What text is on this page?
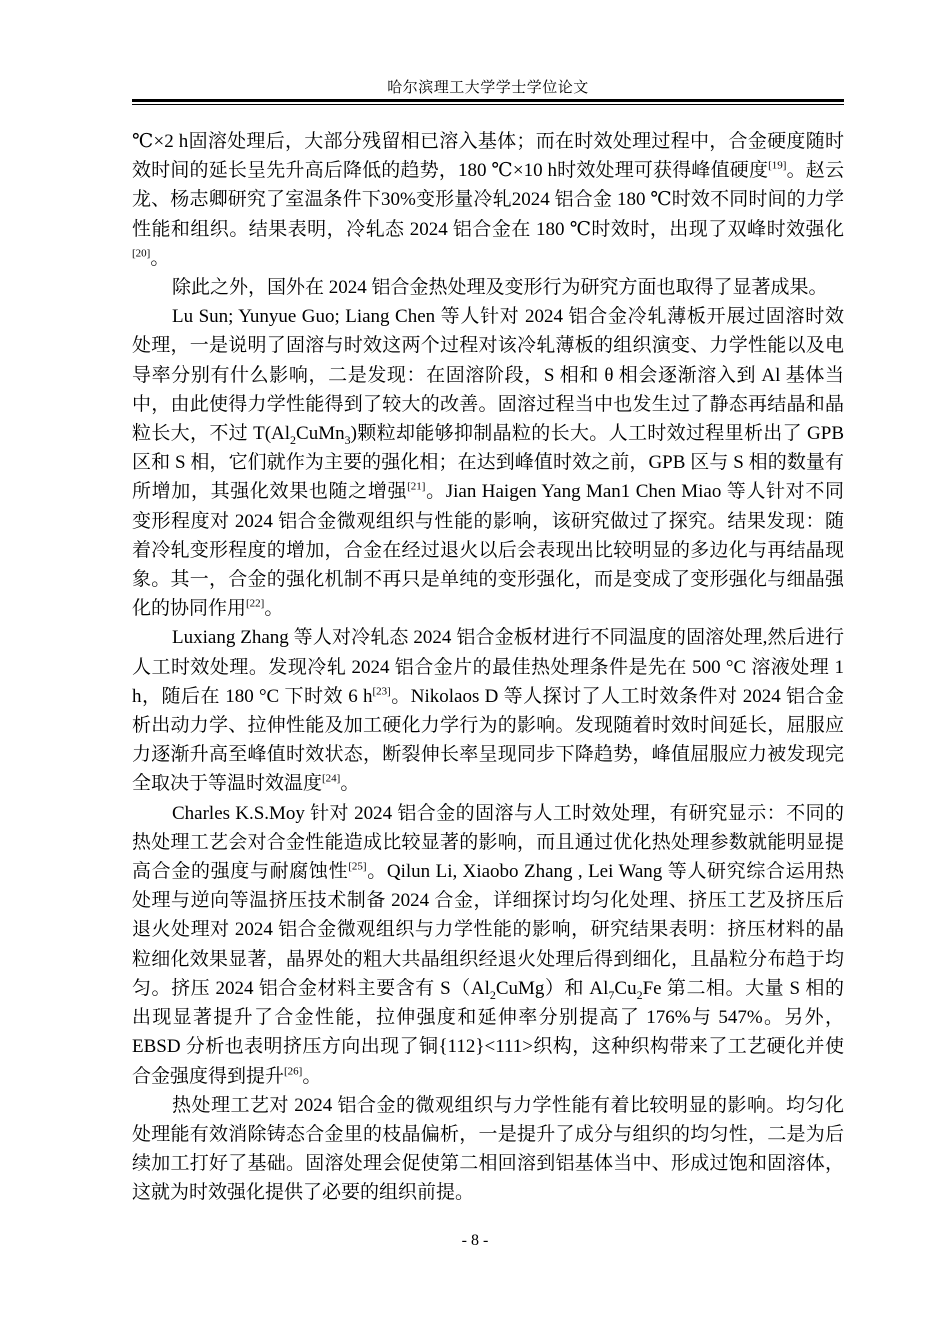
哈尔滨理工大学学士学位论文

℃×2 h固溶处理后，大部分残留相已溶入基体；而在时效处理过程中，合金硬度随时效时间的延长呈先升高后降低的趋势，180 ℃×10 h时效处理可获得峰值硬度[19]。赵云龙、杨志卿研究了室温条件下30%变形量冷轧2024 铝合金 180 ℃时效不同时间的力学性能和组织。结果表明，冷轧态 2024 铝合金在 180 ℃时效时，出现了双峰时效强化[20]。

除此之外，国外在 2024 铝合金热处理及变形行为研究方面也取得了显著成果。

Lu Sun; Yunyue Guo; Liang Chen 等人针对 2024 铝合金冷轧薄板开展过固溶时效处理，一是说明了固溶与时效这两个过程对该冷轧薄板的组织演变、力学性能以及电导率分别有什么影响，二是发现：在固溶阶段，S 相和 θ 相会逐渐溶入到 Al 基体当中，由此使得力学性能得到了较大的改善。固溶过程当中也发生过了静态再结晶和晶粒长大，不过 $T(Al_2CuMn_3)$颗粒却能够抑制晶粒的长大。人工时效过程里析出了 GPB 区和 S 相，它们就作为主要的强化相；在达到峰值时效之前，GPB 区与 S 相的数量有所增加，其强化效果也随之增强[21]。Jian Haigen Yang Man1 Chen Miao 等人针对不同变形程度对 2024 铝合金微观组织与性能的影响，该研究做过了探究。结果发现：随着冷轧变形程度的增加，合金在经过退火以后会表现出比较明显的多边化与再结晶现象。其一，合金的强化机制不再只是单纯的变形强化，而是变成了变形强化与细晶强化的协同作用[22]。

Luxiang Zhang 等人对冷轧态 2024 铝合金板材进行不同温度的固溶处理,然后进行人工时效处理。发现冷轧 2024 铝合金片的最佳热处理条件是先在 500 °C 溶液处理 1 h，随后在 180 °C 下时效 6 h[23]。Nikolaos D 等人探讨了人工时效条件对 2024 铝合金析出动力学、拉伸性能及加工硬化力学行为的影响。发现随着时效时间延长，屈服应力逐渐升高至峰值时效状态，断裂伸长率呈现同步下降趋势，峰值屈服应力被发现完全取决于等温时效温度[24]。

Charles K.S.Moy 针对 2024 铝合金的固溶与人工时效处理，有研究显示：不同的热处理工艺会对合金性能造成比较显著的影响，而且通过优化热处理参数就能明显提高合金的强度与耐腐蚀性[25]。Qilun Li, Xiaobo Zhang , Lei Wang 等人研究综合运用热处理与逆向等温挤压技术制备 2024 合金，详细探讨均匀化处理、挤压工艺及挤压后退火处理对 2024 铝合金微观组织与力学性能的影响，研究结果表明：挤压材料的晶粒细化效果显著，晶界处的粗大共晶组织经退火处理后得到细化，且晶粒分布趋于均匀。挤压 2024 铝合金材料主要含有 $S(Al_2CuMg)$和 $Al_7Cu_2Fe$ 第二相。大量 S 相的出现显著提升了合金性能，拉伸强度和延伸率分别提高了 176%与 547%。另外，EBSD 分析也表明挤压方向出现了铜{112}<111>织构，这种织构带来了工艺硬化并使合金强度得到提升[26]。

热处理工艺对 2024 铝合金的微观组织与力学性能有着比较明显的影响。均匀化处理能有效消除铸态合金里的枝晶偏析，一是提升了成分与组织的均匀性，二是为后续加工打好了基础。固溶处理会促使第二相回溶到铝基体当中、形成过饱和固溶体，这就为时效强化提供了必要的组织前提。

- 8 -
